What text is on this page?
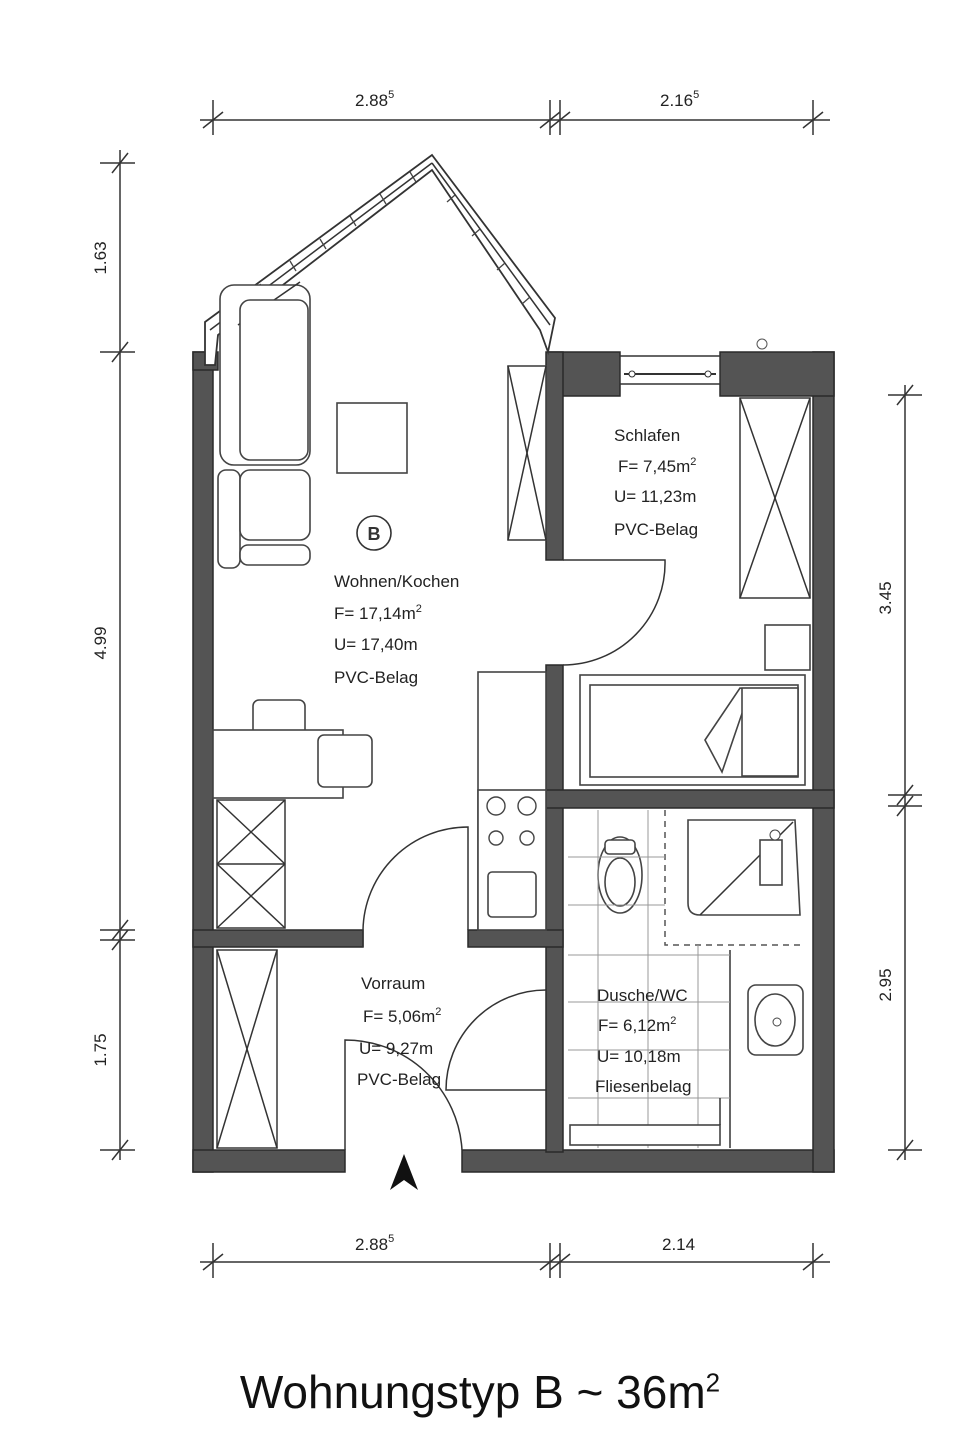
2.88$^5$	2.16$^5$
2.88$^5$	2.14
1.63
4.99
1.75
3.45
2.95
B
Wohnen/Kochen
$F= 17,14m^2$
U= 17,40m
PVC-Belag
Schlafen
$F= 7,45m^2$
U= 11,23m
PVC-Belag
Vorraum
$F= 5,06m^2$
U= 9,27m
PVC-Belag
Dusche/WC
$F= 6,12m^2$
U= 10,18m
Fliesenbelag
Wohnungstyp B ~ $36m^2$
